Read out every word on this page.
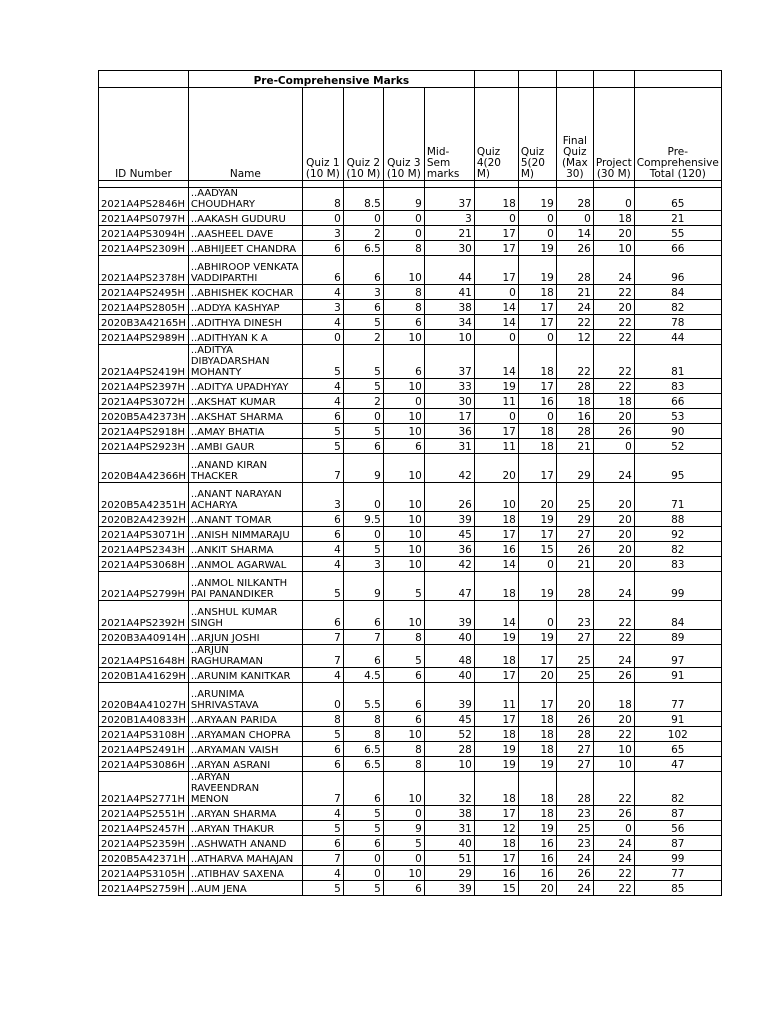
	Pre-Comprehensive Marks									
ID Number	Name	Quiz 1 (10 M)	Quiz 2 (10 M)	Quiz 3 (10 M)	Mid-Sem marks	Quiz 4(20 M)	Quiz 5(20 M)	Final Quiz (Max 30)	Project (30 M)	Pre-Comprehensive Total (120)

2021A4PS2846H	..AADYAN CHOUDHARY	8	8.5	9	37	18	19	28	0	65
2021A4PS0797H	..AAKASH GUDURU	0	0	0	3	0	0	0	18	21
2021A4PS3094H	..AASHEEL DAVE	3	2	0	21	17	0	14	20	55
2021A4PS2309H	..ABHIJEET CHANDRA	6	6.5	8	30	17	19	26	10	66
2021A4PS2378H	..ABHIROOP VENKATA VADDIPARTHI	6	6	10	44	17	19	28	24	96
2021A4PS2495H	..ABHISHEK KOCHAR	4	3	8	41	0	18	21	22	84
2021A4PS2805H	..ADDYA KASHYAP	3	6	8	38	14	17	24	20	82
2020B3A42165H	..ADITHYA DINESH	4	5	6	34	14	17	22	22	78
2021A4PS2989H	..ADITHYAN K A	0	2	10	10	0	0	12	22	44
2021A4PS2419H	..ADITYA DIBYADARSHAN MOHANTY	5	5	6	37	14	18	22	22	81
2021A4PS2397H	..ADITYA UPADHYAY	4	5	10	33	19	17	28	22	83
2021A4PS3072H	..AKSHAT KUMAR	4	2	0	30	11	16	18	18	66
2020B5A42373H	..AKSHAT SHARMA	6	0	10	17	0	0	16	20	53
2021A4PS2918H	..AMAY BHATIA	5	5	10	36	17	18	28	26	90
2021A4PS2923H	..AMBI GAUR	5	6	6	31	11	18	21	0	52
2020B4A42366H	..ANAND KIRAN THACKER	7	9	10	42	20	17	29	24	95
2020B5A42351H	..ANANT NARAYAN ACHARYA	3	0	10	26	10	20	25	20	71
2020B2A42392H	..ANANT TOMAR	6	9.5	10	39	18	19	29	20	88
2021A4PS3071H	..ANISH NIMMARAJU	6	0	10	45	17	17	27	20	92
2021A4PS2343H	..ANKIT SHARMA	4	5	10	36	16	15	26	20	82
2021A4PS3068H	..ANMOL AGARWAL	4	3	10	42	14	0	21	20	83
2021A4PS2799H	..ANMOL NILKANTH PAI PANANDIKER	5	9	5	47	18	19	28	24	99
2021A4PS2392H	..ANSHUL KUMAR SINGH	6	6	10	39	14	0	23	22	84
2020B3A40914H	..ARJUN JOSHI	7	7	8	40	19	19	27	22	89
2021A4PS1648H	..ARJUN RAGHURAMAN	7	6	5	48	18	17	25	24	97
2020B1A41629H	..ARUNIM KANITKAR	4	4.5	6	40	17	20	25	26	91
2020B4A41027H	..ARUNIMA SHRIVASTAVA	0	5.5	6	39	11	17	20	18	77
2020B1A40833H	..ARYAAN PARIDA	8	8	6	45	17	18	26	20	91
2021A4PS3108H	..ARYAMAN CHOPRA	5	8	10	52	18	18	28	22	102
2021A4PS2491H	..ARYAMAN VAISH	6	6.5	8	28	19	18	27	10	65
2021A4PS3086H	..ARYAN ASRANI	6	6.5	8	10	19	19	27	10	47
2021A4PS2771H	..ARYAN RAVEENDRAN MENON	7	6	10	32	18	18	28	22	82
2021A4PS2551H	..ARYAN SHARMA	4	5	0	38	17	18	23	26	87
2021A4PS2457H	..ARYAN THAKUR	5	5	9	31	12	19	25	0	56
2021A4PS2359H	..ASHWATH ANAND	6	6	5	40	18	16	23	24	87
2020B5A42371H	..ATHARVA MAHAJAN	7	0	0	51	17	16	24	24	99
2021A4PS3105H	..ATIBHAV SAXENA	4	0	10	29	16	16	26	22	77
2021A4PS2759H	..AUM JENA	5	5	6	39	15	20	24	22	85
